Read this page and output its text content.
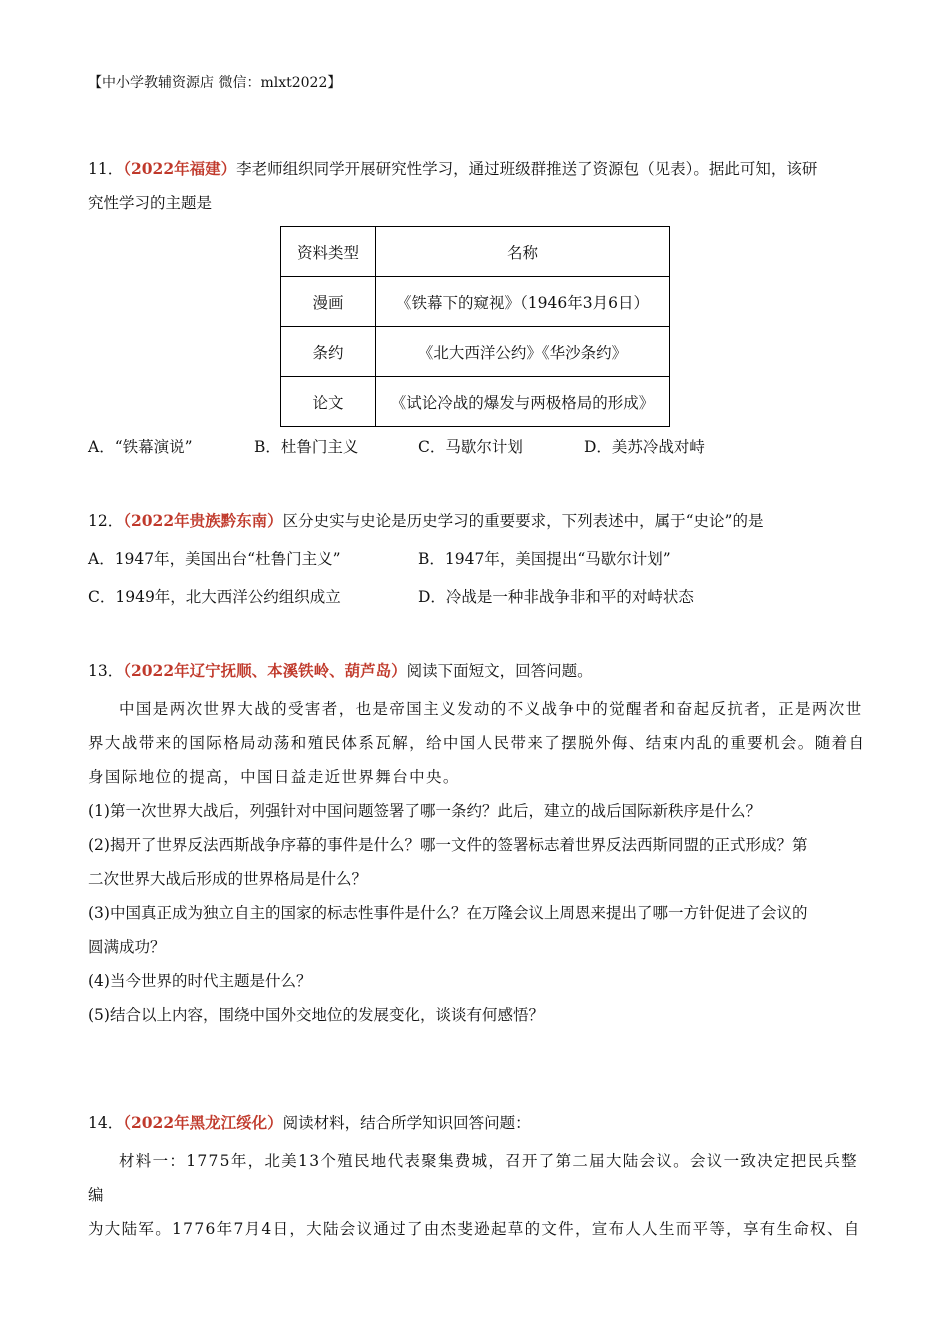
【中小学教辅资源店 微信：mlxt2022】
11．（2022年福建）李老师组织同学开展研究性学习，通过班级群推送了资源包（见表）。据此可知，该研
究性学习的主题是
资料类型	名称
漫画	《铁幕下的窥视》（1946年3月6日）
条约	《北大西洋公约》《华沙条约》
论文	《试论冷战的爆发与两极格局的形成》
A．“铁幕演说”	B．杜鲁门主义	C．马歇尔计划	D．美苏冷战对峙
12．（2022年贵族黔东南）区分史实与史论是历史学习的重要要求，下列表述中，属于“史论”的是
A．1947年，美国出台“杜鲁门主义”	B．1947年，美国提出“马歇尔计划”
C．1949年，北大西洋公约组织成立	D．冷战是一种非战争非和平的对峙状态
13．（2022年辽宁抚顺、本溪铁岭、葫芦岛）阅读下面短文，回答问题。
中国是两次世界大战的受害者，也是帝国主义发动的不义战争中的觉醒者和奋起反抗者，正是两次世
界大战带来的国际格局动荡和殖民体系瓦解，给中国人民带来了摆脱外侮、结束内乱的重要机会。随着自
身国际地位的提高，中国日益走近世界舞台中央。
(1)第一次世界大战后，列强针对中国问题签署了哪一条约？此后，建立的战后国际新秩序是什么？
(2)揭开了世界反法西斯战争序幕的事件是什么？哪一文件的签署标志着世界反法西斯同盟的正式形成？第
二次世界大战后形成的世界格局是什么？
(3)中国真正成为独立自主的国家的标志性事件是什么？在万隆会议上周恩来提出了哪一方针促进了会议的
圆满成功？
(4)当今世界的时代主题是什么？
(5)结合以上内容，围绕中国外交地位的发展变化，谈谈有何感悟？
14．（2022年黑龙江绥化）阅读材料，结合所学知识回答问题：
材料一：1775年，北美13个殖民地代表聚集费城，召开了第二届大陆会议。会议一致决定把民兵整编
为大陆军。1776年7月4日，大陆会议通过了由杰斐逊起草的文件，宣布人人生而平等，享有生命权、自
